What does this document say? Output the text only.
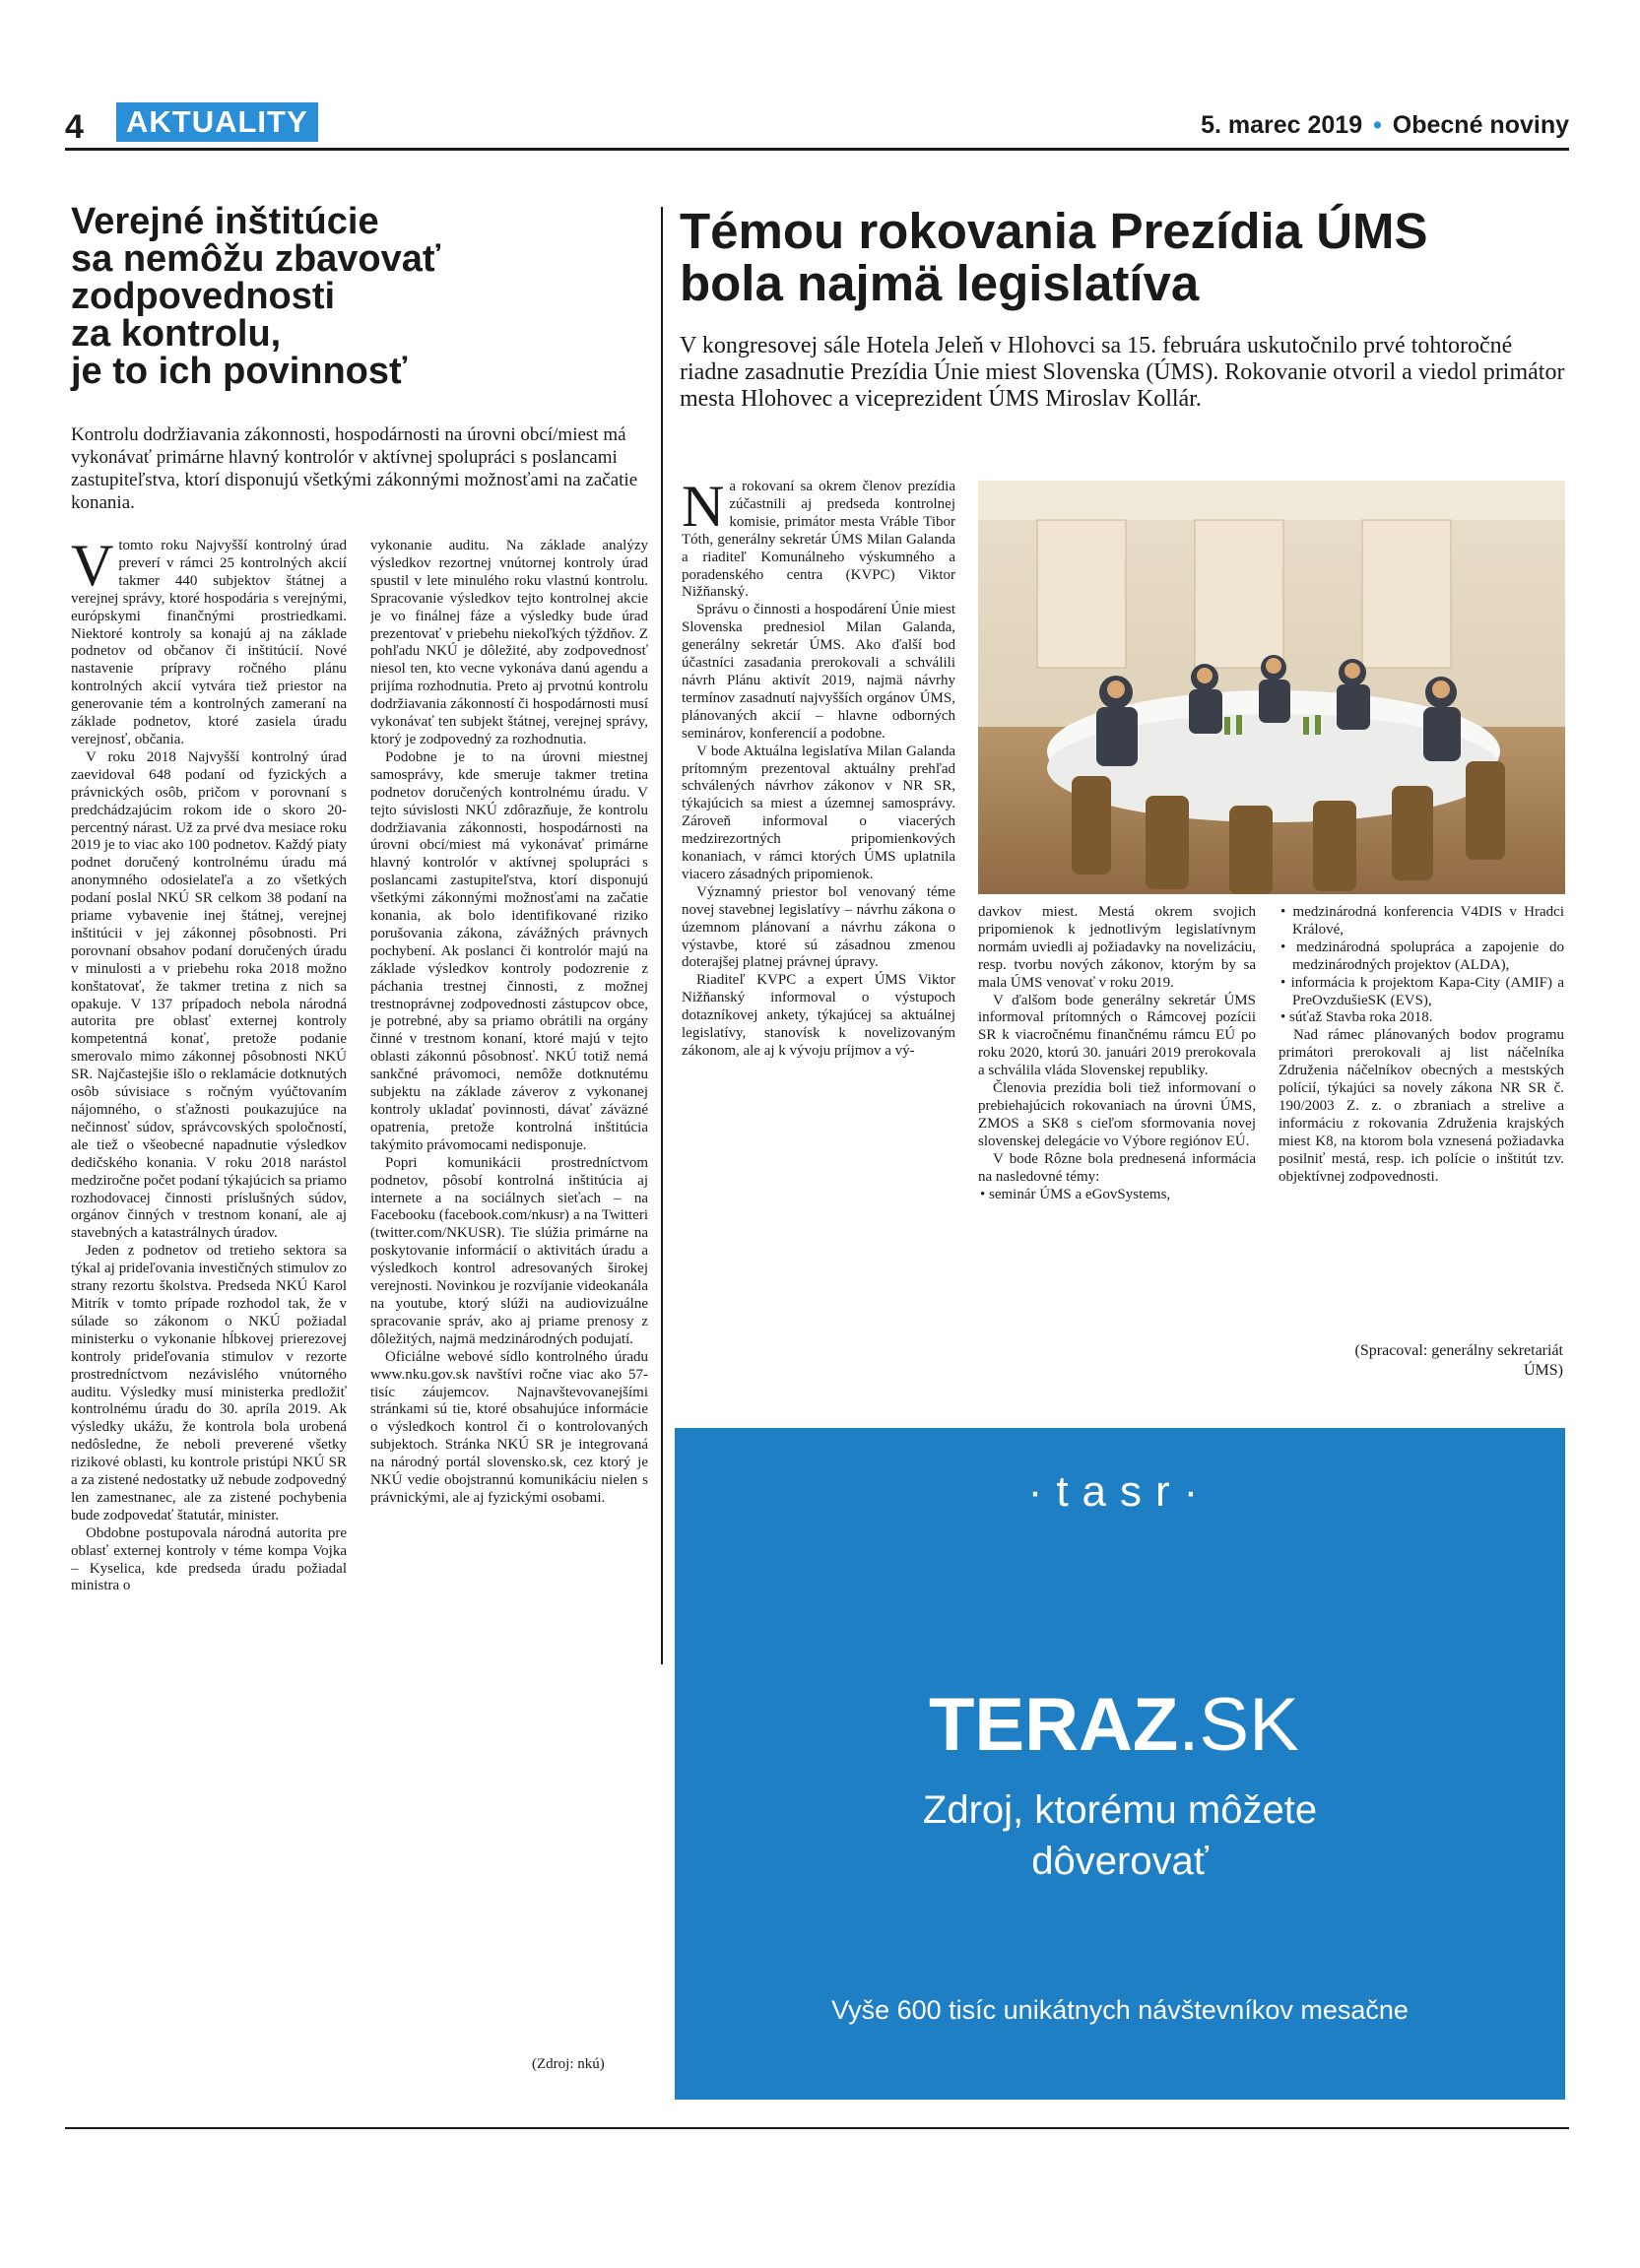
4	AKTUALITY	5. marec 2019 • Obecné noviny
Verejné inštitúcie
sa nemôžu zbavovať
zodpovednosti
za kontrolu,
je to ich povinnosť
Kontrolu dodržiavania zákonnosti, hospodárnosti na úrovni obcí/miest má vykonávať primárne hlavný kontrolór v aktívnej spolupráci s poslancami zastupiteľstva, ktorí disponujú všetkými zákonnými možnosťami na začatie konania.

Vtomto roku Najvyšší kontrolný úrad preverí v rámci 25 kontrolných akcií takmer 440 subjektov štátnej a verejnej správy, ktoré hospodária s verejnými, európskymi finančnými prostriedkami. Niektoré kontroly sa konajú aj na základe podnetov od občanov či inštitúcií. Nové nastavenie prípravy ročného plánu kontrolných akcií vytvára tiež priestor na generovanie tém a kontrolných zameraní na základe podnetov, ktoré zasiela úradu verejnosť, občania.

V roku 2018 Najvyšší kontrolný úrad zaevidoval 648 podaní od fyzických a právnických osôb, pričom v porovnaní s predchádzajúcim rokom ide o skoro 20-percentný nárast. Už za prvé dva mesiace roku 2019 je to viac ako 100 podnetov. Každý piaty podnet doručený kontrolnému úradu má anonymného odosielateľa a zo všetkých podaní poslal NKÚ SR celkom 38 podaní na priame vybavenie inej štátnej, verejnej inštitúcii v jej zákonnej pôsobnosti. Pri porovnaní obsahov podaní doručených úradu v minulosti a v priebehu roka 2018 možno konštatovať, že takmer tretina z nich sa opakuje. V 137 prípadoch nebola národná autorita pre oblasť externej kontroly kompetentná konať, pretože podanie smerovalo mimo zákonnej pôsobnosti NKÚ SR. Najčastejšie išlo o reklamácie dotknutých osôb súvisiace s ročným vyúčtovaním nájomného, o sťažnosti poukazujúce na nečinnosť súdov, správcovských spoločností, ale tiež o všeobecné napadnutie výsledkov dedičského konania. V roku 2018 narástol medziročne počet podaní týkajúcich sa priamo rozhodovacej činnosti príslušných súdov, orgánov činných v trestnom konaní, ale aj stavebných a katastrálnych úradov.

Jeden z podnetov od tretieho sektora sa týkal aj prideľovania investičných stimulov zo strany rezortu školstva. Predseda NKÚ Karol Mitrík v tomto prípade rozhodol tak, že v súlade so zákonom o NKÚ požiadal ministerku o vykonanie hĺbkovej prierezovej kontroly prideľovania stimulov v rezorte prostredníctvom nezávislého vnútorného auditu. Výsledky musí ministerka predložiť kontrolnému úradu do 30. apríla 2019. Ak výsledky ukážu, že kontrola bola urobená nedôsledne, že neboli preverené všetky rizikové oblasti, ku kontrole pristúpi NKÚ SR a za zistené nedostatky už nebude zodpovedný len zamestnanec, ale za zistené pochybenia bude zodpovedať štatutár, minister.

Obdobne postupovala národná autorita pre oblasť externej kontroly v téme kompa Vojka – Kyselica, kde predseda úradu požiadal ministra o

vykonanie auditu. Na základe analýzy výsledkov rezortnej vnútornej kontroly úrad spustil v lete minulého roku vlastnú kontrolu. Spracovanie výsledkov tejto kontrolnej akcie je vo finálnej fáze a výsledky bude úrad prezentovať v priebehu niekoľkých týždňov. Z pohľadu NKÚ je dôležité, aby zodpovednosť niesol ten, kto vecne vykonáva danú agendu a prijíma rozhodnutia. Preto aj prvotnú kontrolu dodržiavania zákonností či hospodárnosti musí vykonávať ten subjekt štátnej, verejnej správy, ktorý je zodpovedný za rozhodnutia.

Podobne je to na úrovni miestnej samosprávy, kde smeruje takmer tretina podnetov doručených kontrolnému úradu. V tejto súvislosti NKÚ zdôrazňuje, že kontrolu dodržiavania zákonnosti, hospodárnosti na úrovni obcí/miest má vykonávať primárne hlavný kontrolór v aktívnej spolupráci s poslancami zastupiteľstva, ktorí disponujú všetkými zákonnými možnosťami na začatie konania, ak bolo identifikované riziko porušovania zákona, závážných právnych pochybení. Ak poslanci či kontrolór majú na základe výsledkov kontroly podozrenie z páchania trestnej činnosti, z možnej trestnoprávnej zodpovednosti zástupcov obce, je potrebné, aby sa priamo obrátili na orgány činné v trestnom konaní, ktoré majú v tejto oblasti zákonnú pôsobnosť. NKÚ totiž nemá sankčné právomoci, nemôže dotknutému subjektu na základe záverov z vykonanej kontroly ukladať povinnosti, dávať záväzné opatrenia, pretože kontrolná inštitúcia takýmito právomocami nedisponuje.

Popri komunikácii prostredníctvom podnetov, pôsobí kontrolná inštitúcia aj internete a na sociálnych sieťach – na Facebooku (facebook.com/nkusr) a na Twitteri (twitter.com/NKUSR). Tie slúžia primárne na poskytovanie informácií o aktivitách úradu a výsledkoch kontrol adresovaných širokej verejnosti. Novinkou je rozvíjanie videokanála na youtube, ktorý slúži na audiovizuálne spracovanie správ, ako aj priame prenosy z dôležitých, najmä medzinárodných podujatí.

Oficiálne webové sídlo kontrolného úradu www.nku.gov.sk navštívi ročne viac ako 57-tisíc záujemcov. Najnavštevovanejšími stránkami sú tie, ktoré obsahujúce informácie o výsledkoch kontrol či o kontrolovaných subjektoch. Stránka NKÚ SR je integrovaná na národný portál slovensko.sk, cez ktorý je NKÚ vedie obojstrannú komunikáciu nielen s právnickými, ale aj fyzickými osobami.

(Zdroj: nkú)
Témou rokovania Prezídia ÚMS
bola najmä legislatíva
V kongresovej sále Hotela Jeleň v Hlohovci sa 15. februára uskutočnilo prvé tohtoročné riadne zasadnutie Prezídia Únie miest Slovenska (ÚMS). Rokovanie otvoril a viedol primátor mesta Hlohovec a viceprezident ÚMS Miroslav Kollár.

Na rokovaní sa okrem členov prezídia zúčastnili aj predseda kontrolnej komisie, primátor mesta Vráble Tibor Tóth, generálny sekretár ÚMS Milan Galanda a riaditeľ Komunálneho výskumného a poradenského centra (KVPC) Viktor Nižňanský.

Správu o činnosti a hospodárení Únie miest Slovenska prednesiol Milan Galanda, generálny sekretár ÚMS. Ako ďalší bod účastníci zasadania prerokovali a schválili návrh Plánu aktivít 2019, najmä návrhy termínov zasadnutí najvyšších orgánov ÚMS, plánovaných akcií – hlavne odborných seminárov, konferencií a podobne.

V bode Aktuálna legislatíva Milan Galanda prítomným prezentoval aktuálny prehľad schválených návrhov zákonov v NR SR, týkajúcich sa miest a územnej samosprávy. Zároveň informoval o viacerých medzirezortných pripomienkových konaniach, v rámci ktorých ÚMS uplatnila viacero zásadných pripomienok.

Významný priestor bol venovaný téme novej stavebnej legislatívy – návrhu zákona o územnom plánovaní a návrhu zákona o výstavbe, ktoré sú zásadnou zmenou doterajšej platnej právnej úpravy.

Riaditeľ KVPC a expert ÚMS Viktor Nižňanský informoval o výstupoch dotazníkovej ankety, týkajúcej sa aktuálnej legislatívy, stanovísk k novelizovaným zákonom, ale aj k vývoju príjmov a vý-

davkov miest. Mestá okrem svojich pripomienok k jednotlivým legislatívnym normám uviedli aj požiadavky na novelizáciu, resp. tvorbu nových zákonov, ktorým by sa mala ÚMS venovať v roku 2019.

V ďalšom bode generálny sekretár ÚMS informoval prítomných o Rámcovej pozícii SR k viacročnému finančnému rámcu EÚ po roku 2020, ktorú 30. januári 2019 prerokovala a schválila vláda Slovenskej republiky.

Členovia prezídia boli tiež informovaní o prebiehajúcich rokovaniach na úrovni ÚMS, ZMOS a SK8 s cieľom sformovania novej slovenskej delegácie vo Výbore regiónov EÚ.

V bode Rôzne bola prednesená informácia na nasledovné témy:

• seminár ÚMS a eGovSystems,
• medzinárodná konferencia V4DIS v Hradci Králové,
• medzinárodná spolupráca a zapojenie do medzinárodných projektov (ALDA),
• informácia k projektom Kapa-City (AMIF) a PreOvzdušieSK (EVS),
• súťaž Stavba roka 2018.

Nad rámec plánovaných bodov programu primátori prerokovali aj list náčelníka Združenia náčelníkov obecných a mestských polícií, týkajúci sa novely zákona NR SR č. 190/2003 Z. z. o zbraniach a strelive a informáciu z rokovania Združenia krajských miest K8, na ktorom bola vznesená požiadavka posilniť mestá, resp. ich polície o inštitút tzv. objektívnej zodpovednosti.

(Spracoval: generálny sekretariát ÚMS)
·tasr·
TERAZ.SK
Zdroj, ktorému môžete
dôverovať
Vyše 600 tisíc unikátnych návštevníkov mesačne
